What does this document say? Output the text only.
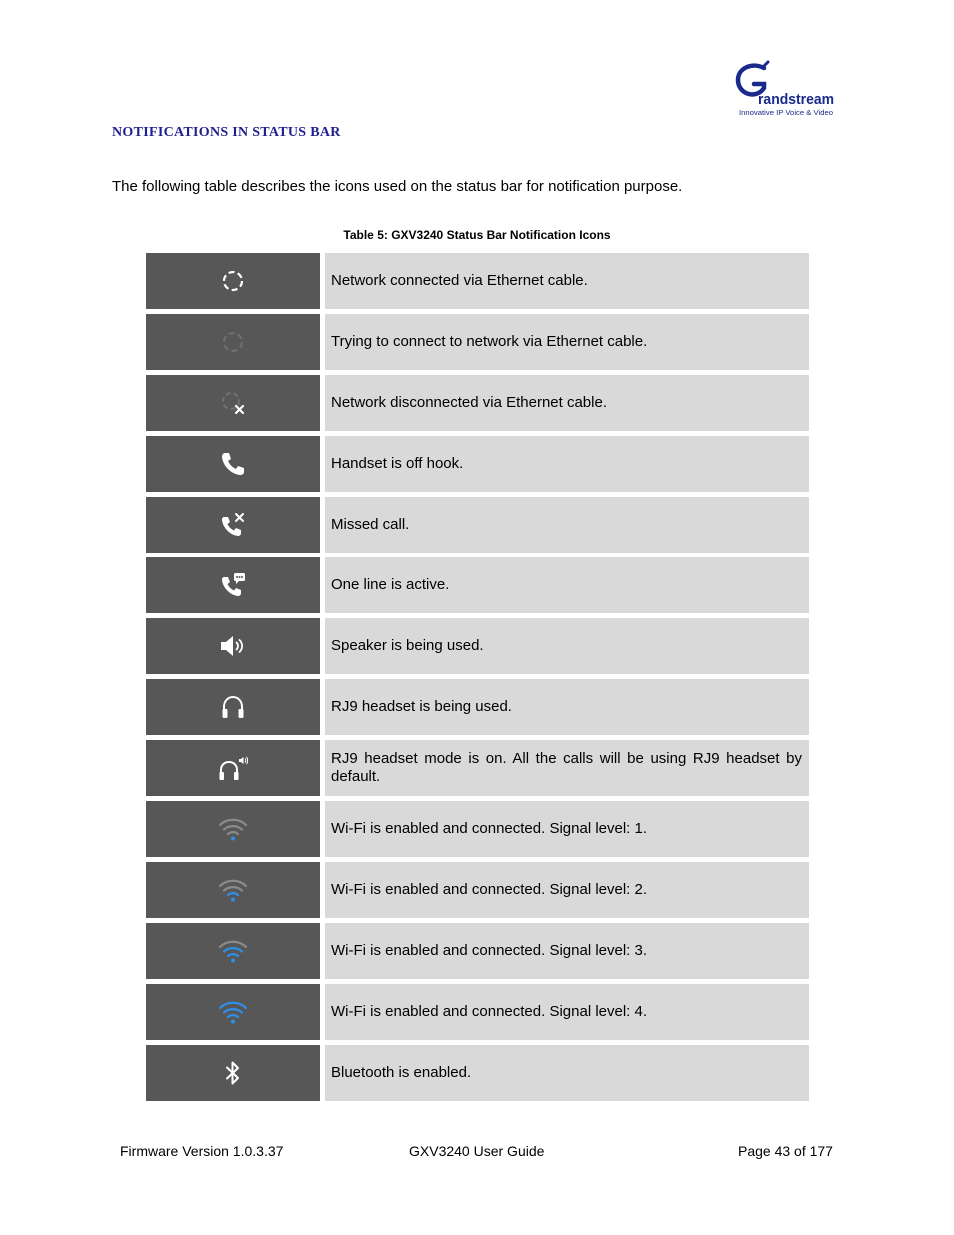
randstream
Innovative IP Voice & Video
NOTIFICATIONS IN STATUS BAR
The following table describes the icons used on the status bar for notification purpose.
Table 5: GXV3240 Status Bar Notification Icons
Network connected via Ethernet cable.
Trying to connect to network via Ethernet cable.
Network disconnected via Ethernet cable.
Handset is off hook.
Missed call.
One line is active.
Speaker is being used.
RJ9 headset is being used.
RJ9 headset mode is on. All the calls will be using RJ9 headset by default.
Wi-Fi is enabled and connected. Signal level: 1.
Wi-Fi is enabled and connected. Signal level: 2.
Wi-Fi is enabled and connected. Signal level: 3.
Wi-Fi is enabled and connected. Signal level: 4.
Bluetooth is enabled.
Firmware Version 1.0.3.37	GXV3240 User Guide	Page 43 of 177
